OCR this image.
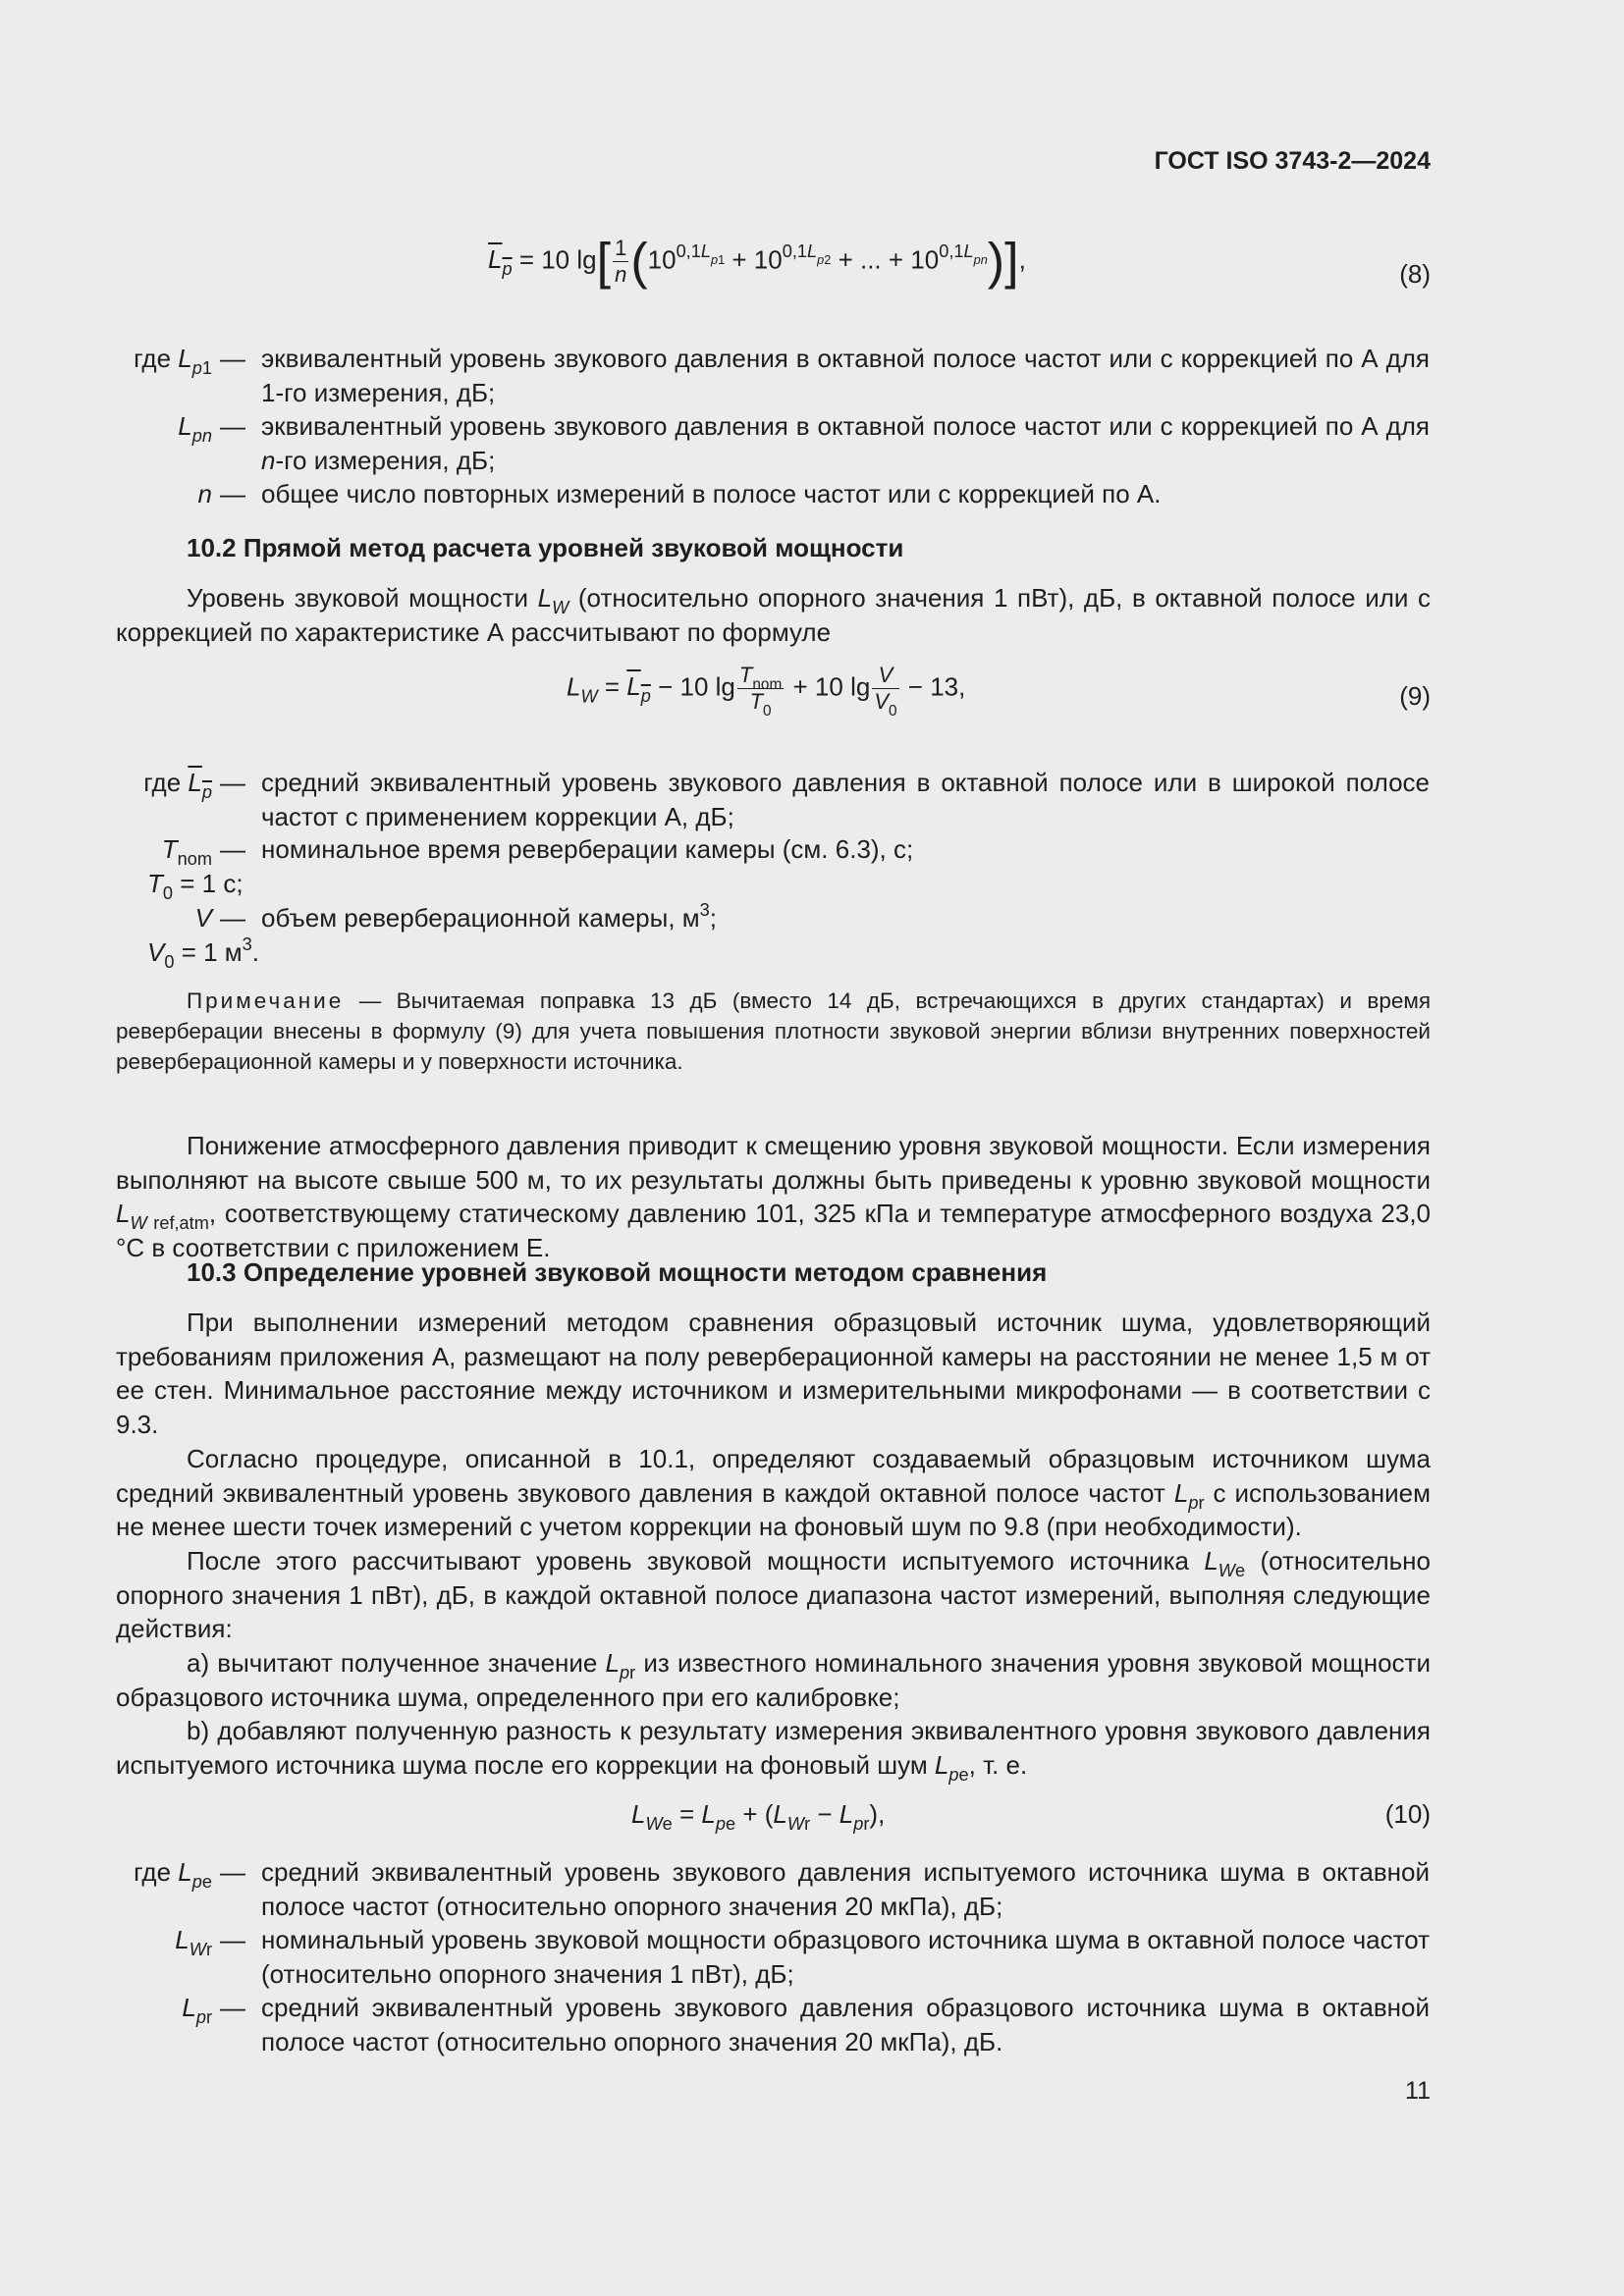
ГОСТ ISO 3743-2—2024
$L_p = 10$ $\lg[ \frac{1}{n} (10^{0,1L_{p1}} + 10^{0,1L_{p2}}$ + ... + $10^{0,1L_{pn}}$)],	(8)
где $L_{p1}$ — эквивалентный уровень звукового давления в октавной полосе частот или с коррекцией по А для 1-го измерения, дБ;
$L_{pn}$ — эквивалентный уровень звукового давления в октавной полосе частот или с коррекцией по А для n-го измерения, дБ;
n — общее число повторных измерений в полосе частот или с коррекцией по А.
10.2 Прямой метод расчета уровней звуковой мощности
Уровень звуковой мощности $L_W$ (относительно опорного значения 1 пВт), дБ, в октавной полосе или с коррекцией по характеристике А рассчитывают по формуле
$L_W = L_p - 10$ $\lg \frac{T_{nom}}{T_0} + 10$ $\lg \frac{V}{V_0} - 13$,	(9)
где $L_p$ — средний эквивалентный уровень звукового давления в октавной полосе или в широкой полосе частот с применением коррекции А, дБ;
$T_{nom}$ — номинальное время реверберации камеры (см. 6.3), с;
$T_0 = 1$ с;
V — объем реверберационной камеры, $м^3$;
$V_0 = 1$ $м^3$.
Примечание — Вычитаемая поправка 13 дБ (вместо 14 дБ, встречающихся в других стандартах) и время реверберации внесены в формулу (9) для учета повышения плотности звуковой энергии вблизи внутренних поверхностей реверберационной камеры и у поверхности источника.
Понижение атмосферного давления приводит к смещению уровня звуковой мощности. Если измерения выполняют на высоте свыше 500 м, то их результаты должны быть приведены к уровню звуковой мощности $L_{W ref,atm}$, соответствующему статическому давлению 101, 325 кПа и температуре атмосферного воздуха 23,0 °С в соответствии с приложением Е.
10.3 Определение уровней звуковой мощности методом сравнения
При выполнении измерений методом сравнения образцовый источник шума, удовлетворяющий требованиям приложения А, размещают на полу реверберационной камеры на расстоянии не менее 1,5 м от ее стен. Минимальное расстояние между источником и измерительными микрофонами — в соответствии с 9.3.
Согласно процедуре, описанной в 10.1, определяют создаваемый образцовым источником шума средний эквивалентный уровень звукового давления в каждой октавной полосе частот $L_{pr}$ с использованием не менее шести точек измерений с учетом коррекции на фоновый шум по 9.8 (при необходимости).
После этого рассчитывают уровень звуковой мощности испытуемого источника $L_{We}$ (относительно опорного значения 1 пВт), дБ, в каждой октавной полосе диапазона частот измерений, выполняя следующие действия:
a) вычитают полученное значение $L_{pr}$ из известного номинального значения уровня звуковой мощности образцового источника шума, определенного при его калибровке;
b) добавляют полученную разность к результату измерения эквивалентного уровня звукового давления испытуемого источника шума после его коррекции на фоновый шум $L_{pe}$, т. е.
$L_{We} = L_{pe} + (L_{Wr} - L_{pr})$,	(10)
где $L_{pe}$ — средний эквивалентный уровень звукового давления испытуемого источника шума в октавной полосе частот (относительно опорного значения 20 мкПа), дБ;
$L_{Wr}$ — номинальный уровень звуковой мощности образцового источника шума в октавной полосе частот (относительно опорного значения 1 пВт), дБ;
$L_{pr}$ — средний эквивалентный уровень звукового давления образцового источника шума в октавной полосе частот (относительно опорного значения 20 мкПа), дБ.
11
